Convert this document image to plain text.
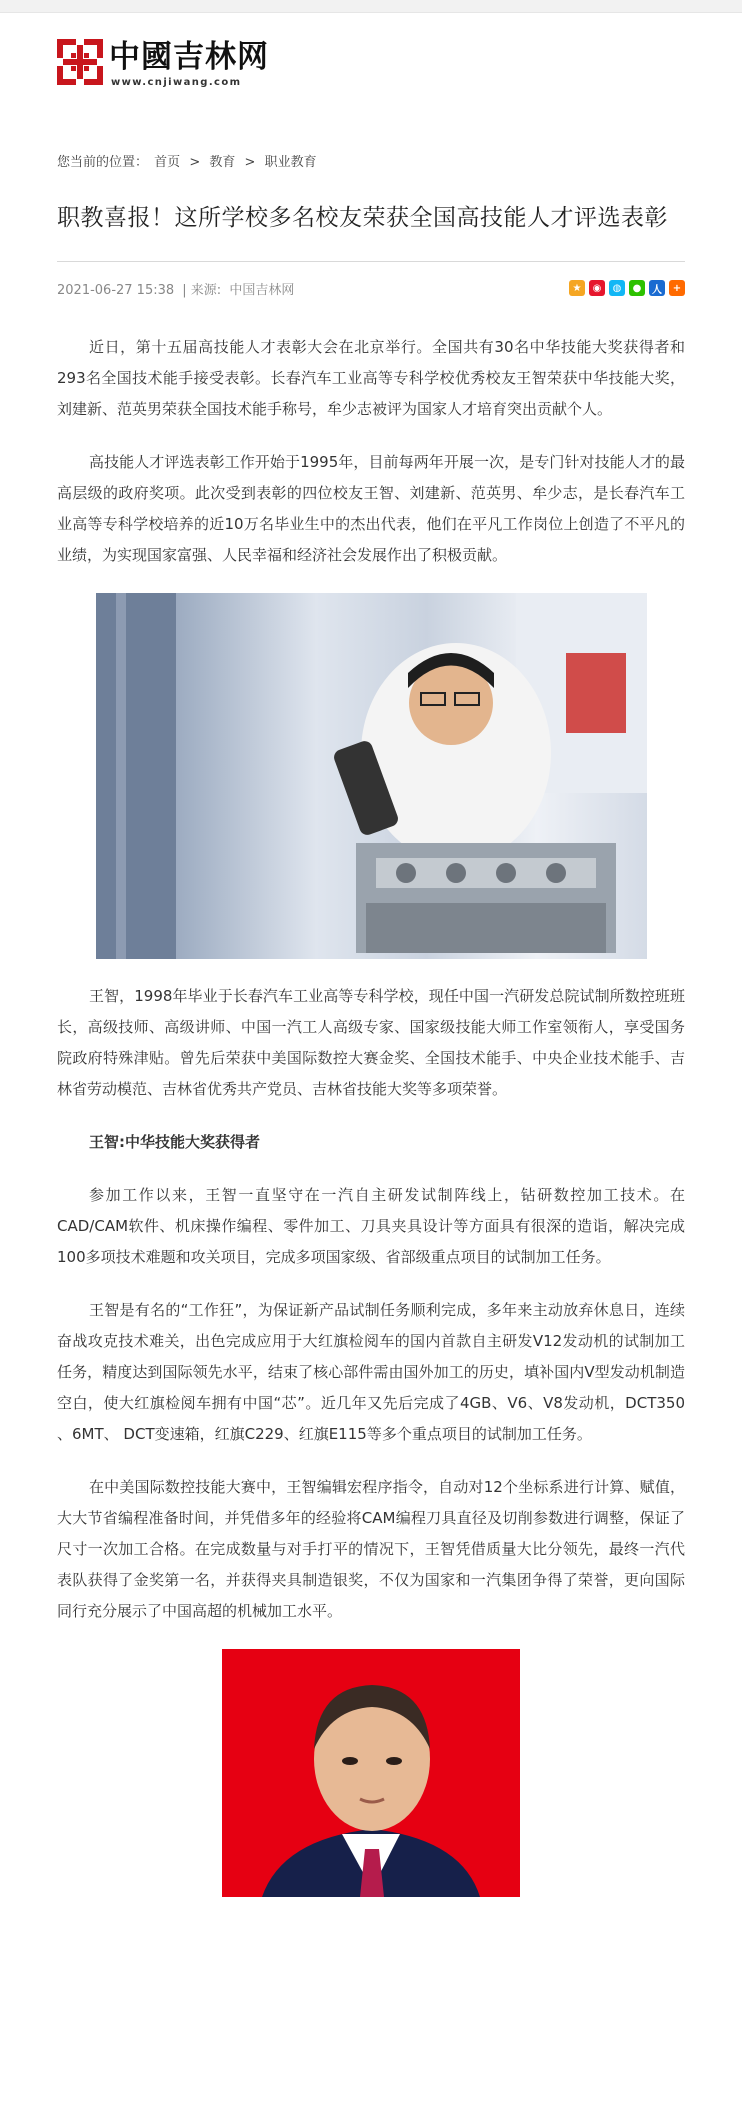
中國吉林网
www.cnjiwang.com
您当前的位置： 首页 > 教育 > 职业教育
职教喜报！这所学校多名校友荣获全国高技能人才评选表彰
2021-06-27 15:38 | 来源: 中国吉林网	★	◉	◍	●	人	+

近日，第十五届高技能人才表彰大会在北京举行。全国共有30名中华技能大奖获得者和293名全国技术能手接受表彰。长春汽车工业高等专科学校优秀校友王智荣获中华技能大奖，刘建新、范英男荣获全国技术能手称号，牟少志被评为国家人才培育突出贡献个人。

高技能人才评选表彰工作开始于1995年，目前每两年开展一次，是专门针对技能人才的最高层级的政府奖项。此次受到表彰的四位校友王智、刘建新、范英男、牟少志，是长春汽车工业高等专科学校培养的近10万名毕业生中的杰出代表，他们在平凡工作岗位上创造了不平凡的业绩，为实现国家富强、人民幸福和经济社会发展作出了积极贡献。

王智，1998年毕业于长春汽车工业高等专科学校，现任中国一汽研发总院试制所数控班班长，高级技师、高级讲师、中国一汽工人高级专家、国家级技能大师工作室领衔人，享受国务院政府特殊津贴。曾先后荣获中美国际数控大赛金奖、全国技术能手、中央企业技术能手、吉林省劳动模范、吉林省优秀共产党员、吉林省技能大奖等多项荣誉。

王智:中华技能大奖获得者

参加工作以来，王智一直坚守在一汽自主研发试制阵线上，钻研数控加工技术。在CAD/CAM软件、机床操作编程、零件加工、刀具夹具设计等方面具有很深的造诣，解决完成100多项技术难题和攻关项目，完成多项国家级、省部级重点项目的试制加工任务。

王智是有名的“工作狂”，为保证新产品试制任务顺利完成，多年来主动放弃休息日，连续奋战攻克技术难关，出色完成应用于大红旗检阅车的国内首款自主研发V12发动机的试制加工任务，精度达到国际领先水平，结束了核心部件需由国外加工的历史，填补国内V型发动机制造空白，使大红旗检阅车拥有中国“芯”。近几年又先后完成了4GB、V6、V8发动机，DCT350 、6MT、 DCT变速箱，红旗C229、红旗E115等多个重点项目的试制加工任务。

在中美国际数控技能大赛中，王智编辑宏程序指令，自动对12个坐标系进行计算、赋值，大大节省编程准备时间，并凭借多年的经验将CAM编程刀具直径及切削参数进行调整，保证了尺寸一次加工合格。在完成数量与对手打平的情况下，王智凭借质量大比分领先，最终一汽代表队获得了金奖第一名，并获得夹具制造银奖，不仅为国家和一汽集团争得了荣誉，更向国际同行充分展示了中国高超的机械加工水平。
